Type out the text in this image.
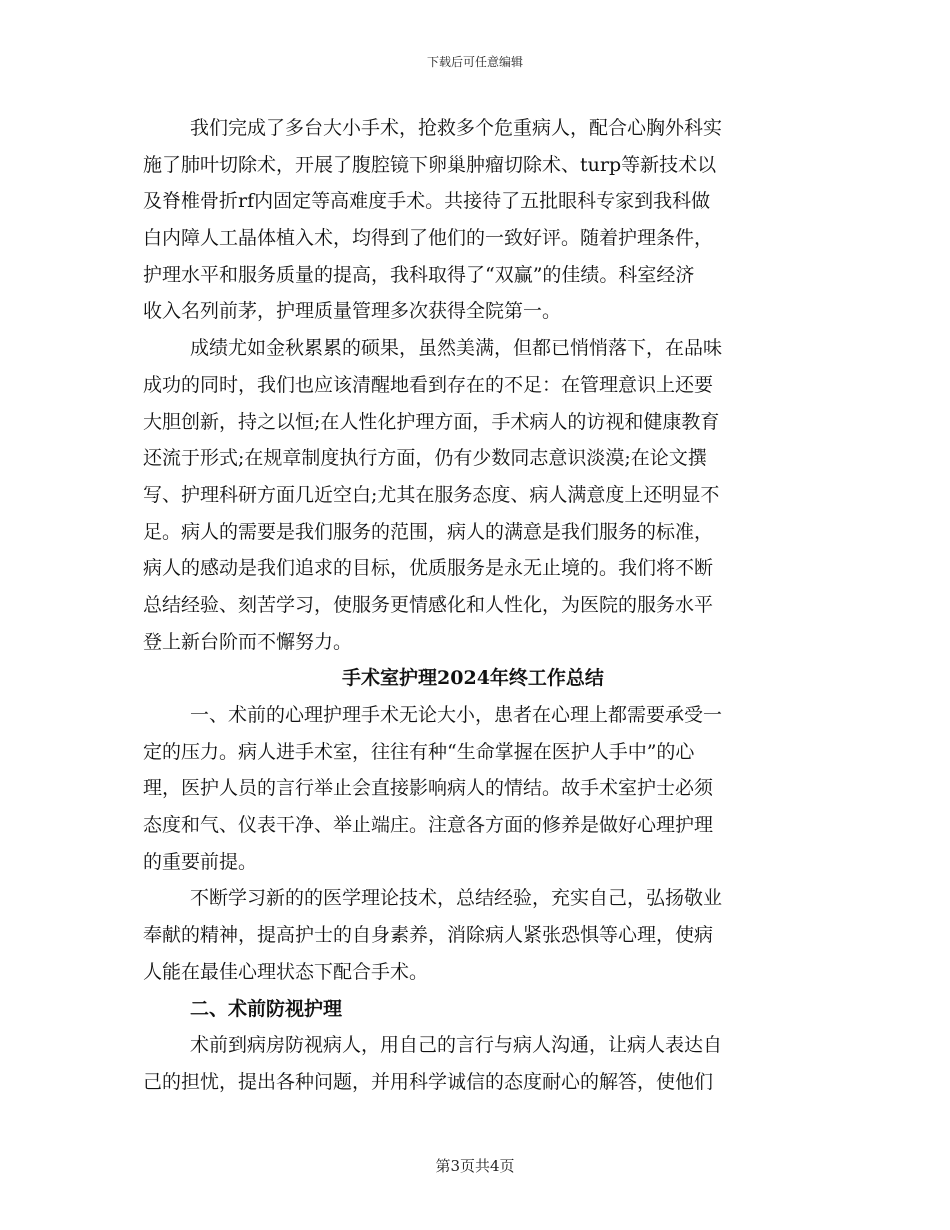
下载后可任意编辑
我们完成了多台大小手术，抢救多个危重病人，配合心胸外科实
施了肺叶切除术，开展了腹腔镜下卵巢肿瘤切除术、turp等新技术以
及脊椎骨折rf内固定等高难度手术。共接待了五批眼科专家到我科做
白内障人工晶体植入术，均得到了他们的一致好评。随着护理条件，
护理水平和服务质量的提高，我科取得了“双赢”的佳绩。科室经济
收入名列前茅，护理质量管理多次获得全院第一。
成绩尤如金秋累累的硕果，虽然美满，但都已悄悄落下，在品味
成功的同时，我们也应该清醒地看到存在的不足：在管理意识上还要
大胆创新，持之以恒;在人性化护理方面，手术病人的访视和健康教育
还流于形式;在规章制度执行方面，仍有少数同志意识淡漠;在论文撰
写、护理科研方面几近空白;尤其在服务态度、病人满意度上还明显不
足。病人的需要是我们服务的范围，病人的满意是我们服务的标准，
病人的感动是我们追求的目标，优质服务是永无止境的。我们将不断
总结经验、刻苦学习，使服务更情感化和人性化，为医院的服务水平
登上新台阶而不懈努力。
手术室护理2024年终工作总结
一、术前的心理护理手术无论大小，患者在心理上都需要承受一
定的压力。病人进手术室，往往有种“生命掌握在医护人手中”的心
理，医护人员的言行举止会直接影响病人的情结。故手术室护士必须
态度和气、仪表干净、举止端庄。注意各方面的修养是做好心理护理
的重要前提。
不断学习新的的医学理论技术，总结经验，充实自己，弘扬敬业
奉献的精神，提高护士的自身素养，消除病人紧张恐惧等心理，使病
人能在最佳心理状态下配合手术。
二、术前防视护理
术前到病房防视病人，用自己的言行与病人沟通，让病人表达自
己的担忧，提出各种问题，并用科学诚信的态度耐心的解答，使他们
第3页共4页
